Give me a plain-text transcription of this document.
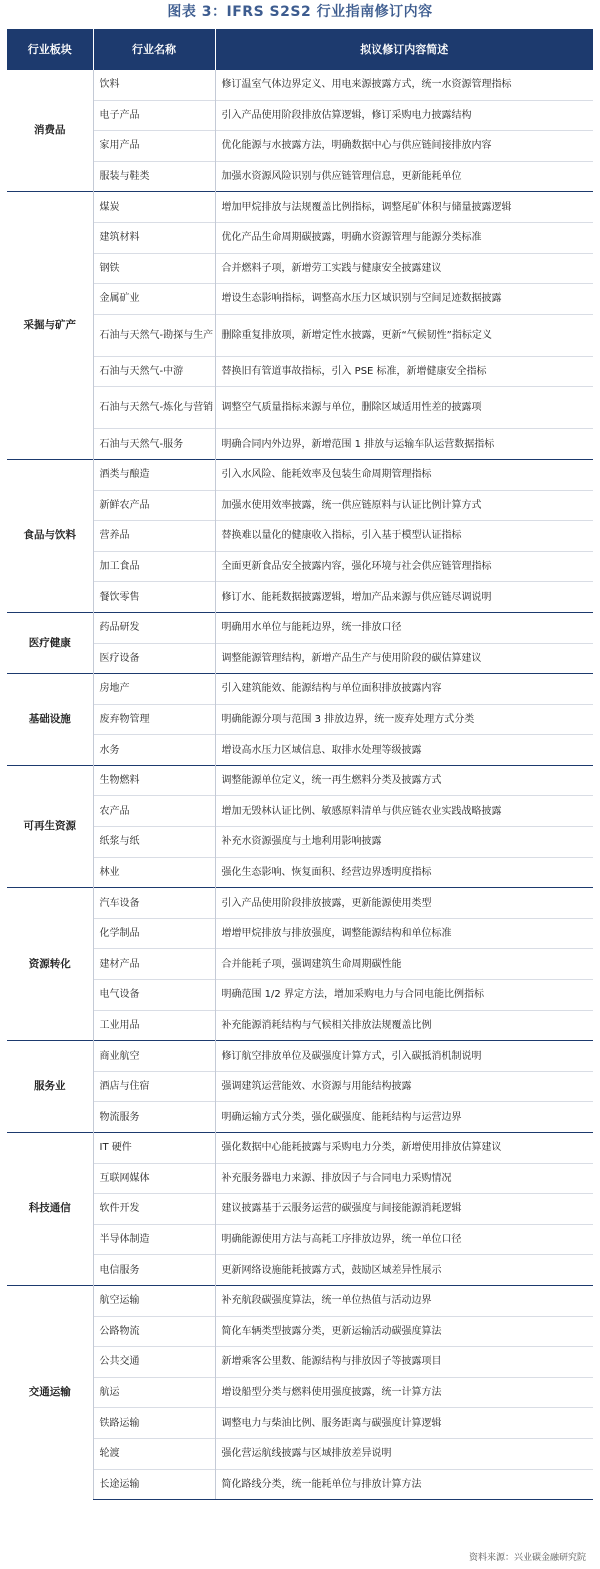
图表 3：IFRS S2S2 行业指南修订内容
行业板块	行业名称	拟议修订内容简述
消费品	饮料	修订温室气体边界定义、用电来源披露方式，统一水资源管理指标
	电子产品	引入产品使用阶段排放估算逻辑，修订采购电力披露结构
	家用产品	优化能源与水披露方法，明确数据中心与供应链间接排放内容
	服装与鞋类	加强水资源风险识别与供应链管理信息，更新能耗单位
采掘与矿产	煤炭	增加甲烷排放与法规覆盖比例指标，调整尾矿体积与储量披露逻辑
	建筑材料	优化产品生命周期碳披露，明确水资源管理与能源分类标准
	钢铁	合并燃料子项，新增劳工实践与健康安全披露建议
	金属矿业	增设生态影响指标，调整高水压力区域识别与空间足迹数据披露
	石油与天然气-勘探与生产	删除重复排放项，新增定性水披露，更新“气候韧性”指标定义
	石油与天然气-中游	替换旧有管道事故指标，引入 PSE 标准，新增健康安全指标
	石油与天然气-炼化与营销	调整空气质量指标来源与单位，删除区域适用性差的披露项
	石油与天然气-服务	明确合同内外边界，新增范围 1 排放与运输车队运营数据指标
食品与饮料	酒类与酿造	引入水风险、能耗效率及包装生命周期管理指标
	新鲜农产品	加强水使用效率披露，统一供应链原料与认证比例计算方式
	营养品	替换难以量化的健康收入指标，引入基于模型认证指标
	加工食品	全面更新食品安全披露内容，强化环境与社会供应链管理指标
	餐饮零售	修订水、能耗数据披露逻辑，增加产品来源与供应链尽调说明
医疗健康	药品研发	明确用水单位与能耗边界，统一排放口径
	医疗设备	调整能源管理结构，新增产品生产与使用阶段的碳估算建议
基础设施	房地产	引入建筑能效、能源结构与单位面积排放披露内容
	废弃物管理	明确能源分项与范围 3 排放边界，统一废弃处理方式分类
	水务	增设高水压力区域信息、取排水处理等级披露
可再生资源	生物燃料	调整能源单位定义，统一再生燃料分类及披露方式
	农产品	增加无毁林认证比例、敏感原料清单与供应链农业实践战略披露
	纸浆与纸	补充水资源强度与土地利用影响披露
	林业	强化生态影响、恢复面积、经营边界透明度指标
资源转化	汽车设备	引入产品使用阶段排放披露，更新能源使用类型
	化学制品	增增甲烷排放与排放强度，调整能源结构和单位标准
	建材产品	合并能耗子项，强调建筑生命周期碳性能
	电气设备	明确范围 1/2 界定方法，增加采购电力与合同电能比例指标
	工业用品	补充能源消耗结构与气候相关排放法规覆盖比例
服务业	商业航空	修订航空排放单位及碳强度计算方式，引入碳抵消机制说明
	酒店与住宿	强调建筑运营能效、水资源与用能结构披露
	物流服务	明确运输方式分类，强化碳强度、能耗结构与运营边界
科技通信	IT 硬件	强化数据中心能耗披露与采购电力分类，新增使用排放估算建议
	互联网媒体	补充服务器电力来源、排放因子与合同电力采购情况
	软件开发	建议披露基于云服务运营的碳强度与间接能源消耗逻辑
	半导体制造	明确能源使用方法与高耗工序排放边界，统一单位口径
	电信服务	更新网络设施能耗披露方式，鼓励区域差异性展示
交通运输	航空运输	补充航段碳强度算法，统一单位热值与活动边界
	公路物流	简化车辆类型披露分类，更新运输活动碳强度算法
	公共交通	新增乘客公里数、能源结构与排放因子等披露项目
	航运	增设船型分类与燃料使用强度披露，统一计算方法
	铁路运输	调整电力与柴油比例、服务距离与碳强度计算逻辑
	轮渡	强化营运航线披露与区域排放差异说明
	长途运输	简化路线分类，统一能耗单位与排放计算方法
资料来源：兴业碳金融研究院
